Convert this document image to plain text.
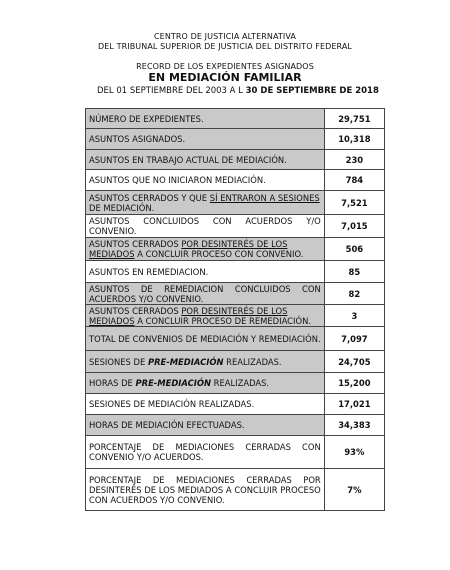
CENTRO DE JUSTICIA ALTERNATIVA
DEL TRIBUNAL SUPERIOR DE JUSTICIA DEL DISTRITO FEDERAL
RECORD DE LOS EXPEDIENTES ASIGNADOS
EN MEDIACIÓN FAMILIAR
DEL 01 SEPTIEMBRE DEL 2003 A L 30 DE SEPTIEMBRE DE 2018
NÚMERO DE EXPEDIENTES.	29,751
ASUNTOS ASIGNADOS.	10,318
ASUNTOS EN TRABAJO ACTUAL DE MEDIACIÓN.	230
ASUNTOS QUE NO INICIARON MEDIACIÓN.	784
ASUNTOS CERRADOS Y QUE SÍ ENTRARON A SESIONES DE MEDIACIÓN.	7,521
ASUNTOS CONCLUIDOS CON ACUERDOS Y/O CONVENIO.	7,015
ASUNTOS CERRADOS POR DESINTERÉS DE LOS MEDIADOS A CONCLUIR PROCESO CON CONVENIO.	506
ASUNTOS EN REMEDIACION.	85
ASUNTOS DE REMEDIACION CONCLUIDOS CON ACUERDOS Y/O CONVENIO.	82
ASUNTOS CERRADOS POR DESINTERÉS DE LOS MEDIADOS A CONCLUIR PROCESO DE REMEDIACIÓN.	3
TOTAL DE CONVENIOS DE MEDIACIÓN Y REMEDIACIÓN.	7,097
SESIONES DE PRE-MEDIACIÓN REALIZADAS.	24,705
HORAS DE PRE-MEDIACIÓN REALIZADAS.	15,200
SESIONES DE MEDIACIÓN REALIZADAS.	17,021
HORAS DE MEDIACIÓN EFECTUADAS.	34,383
PORCENTAJE DE MEDIACIONES CERRADAS CON CONVENIO Y/O ACUERDOS.	93%
PORCENTAJE DE MEDIACIONES CERRADAS POR DESINTERÉS DE LOS MEDIADOS A CONCLUIR PROCESO CON ACUERDOS Y/O CONVENIO.	7%
